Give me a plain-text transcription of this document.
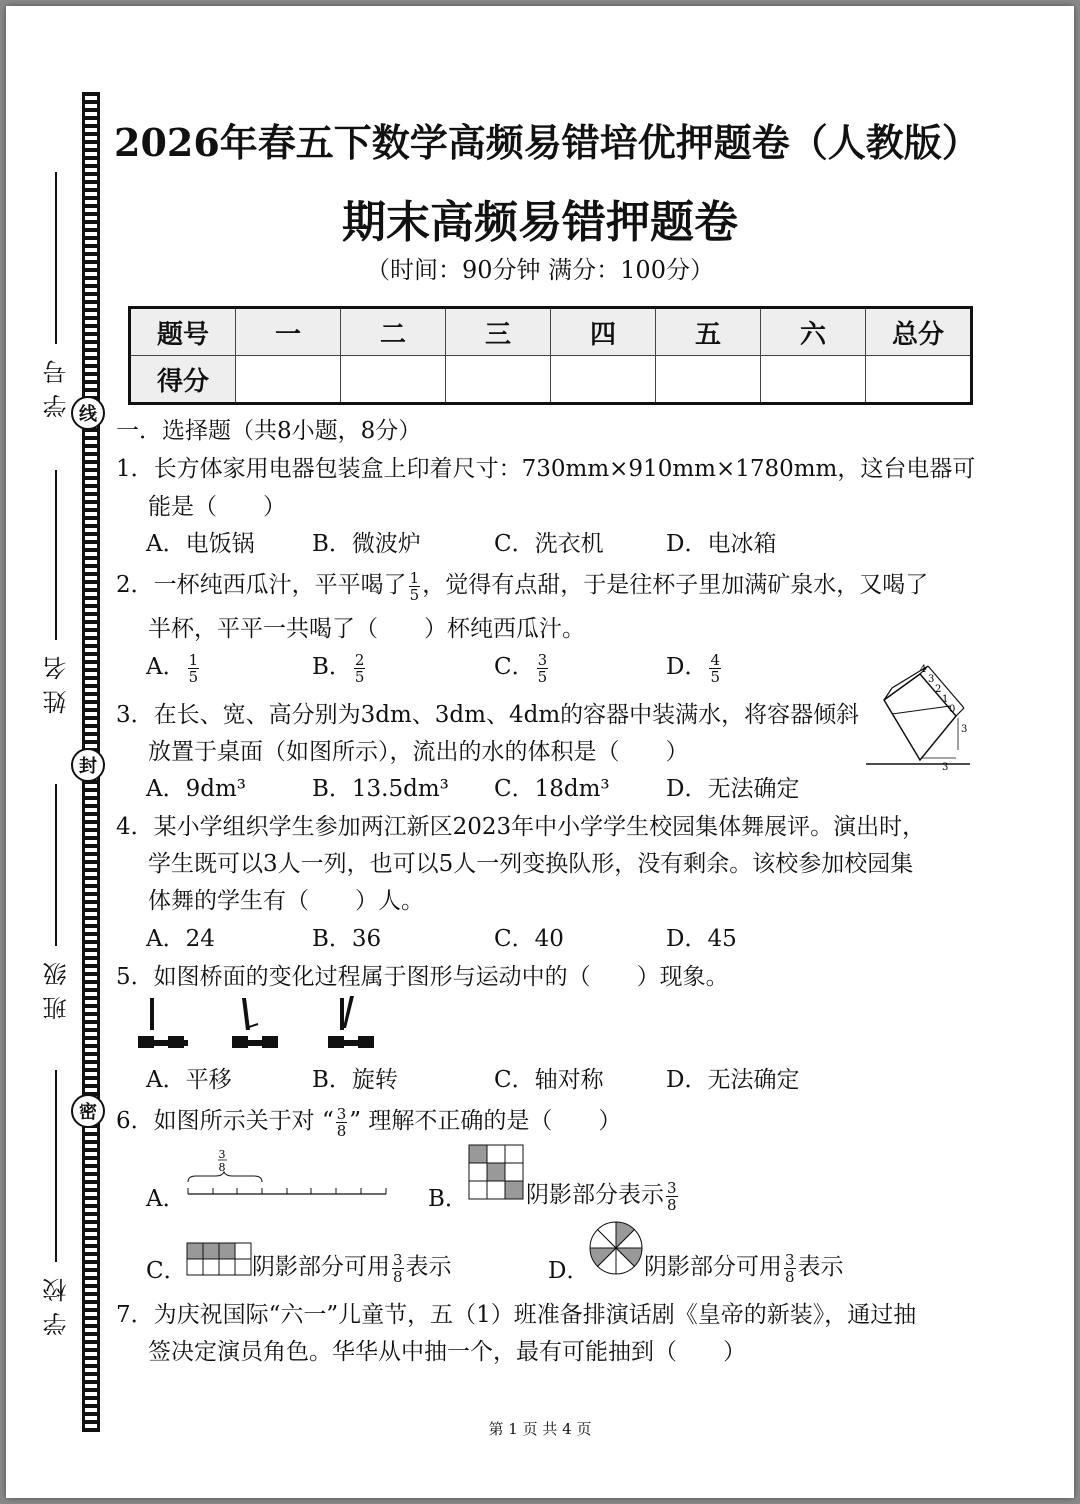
线
封
密
学号
姓名
班级
学校
2026年春五下数学高频易错培优押题卷（人教版）
期末高频易错押题卷
（时间：90分钟 满分：100分）
题号	一	二	三	四	五	六	总分
得分							
一．选择题（共8小题，8分）
1．长方体家用电器包装盒上印着尺寸：730mm×910mm×1780mm，这台电器可
能是（　　）
A．电饭锅 B．微波炉	C．洗衣机	D．电冰箱
2．一杯纯西瓜汁，平平喝了 $\frac{1}{5}$ ，觉得有点甜，于是往杯子里加满矿泉水，又喝了
半杯，平平一共喝了（　　）杯纯西瓜汁。
A． $\frac{1}{5}$	B． $\frac{2}{5}$	C． $\frac{3}{5}$	D． $\frac{4}{5}$
3．在长、宽、高分别为3dm、3dm、4dm的容器中装满水，将容器倾斜
放置于桌面（如图所示），流出的水的体积是（　　）
4
3
2
1
0
3
3
A．9dm³	B．13.5dm³ C．18dm³ D．无法确定
4．某小学组织学生参加两江新区2023年中小学学生校园集体舞展评。演出时，
学生既可以3人一列，也可以5人一列变换队形，没有剩余。该校参加校园集
体舞的学生有（　　）人。
A．24	B．36	C．40	D．45
5．如图桥面的变化过程属于图形与运动中的（　　）现象。
A．平移	B．旋转	C．轴对称	D．无法确定
6．如图所示关于对 “ $\frac{3}{8}$ ” 理解不正确的是（　　）
A．
3
8
B．	阴影部分表示 $\frac{3}{8}$
C．	阴影部分可用 $\frac{3}{8}$ 表示	D． 阴影部分可用 $\frac{3}{8}$ 表示
7．为庆祝国际“六一”儿童节，五（1）班准备排演话剧《皇帝的新装》，通过抽
签决定演员角色。华华从中抽一个，最有可能抽到（　　）
第 1 页 共 4 页
